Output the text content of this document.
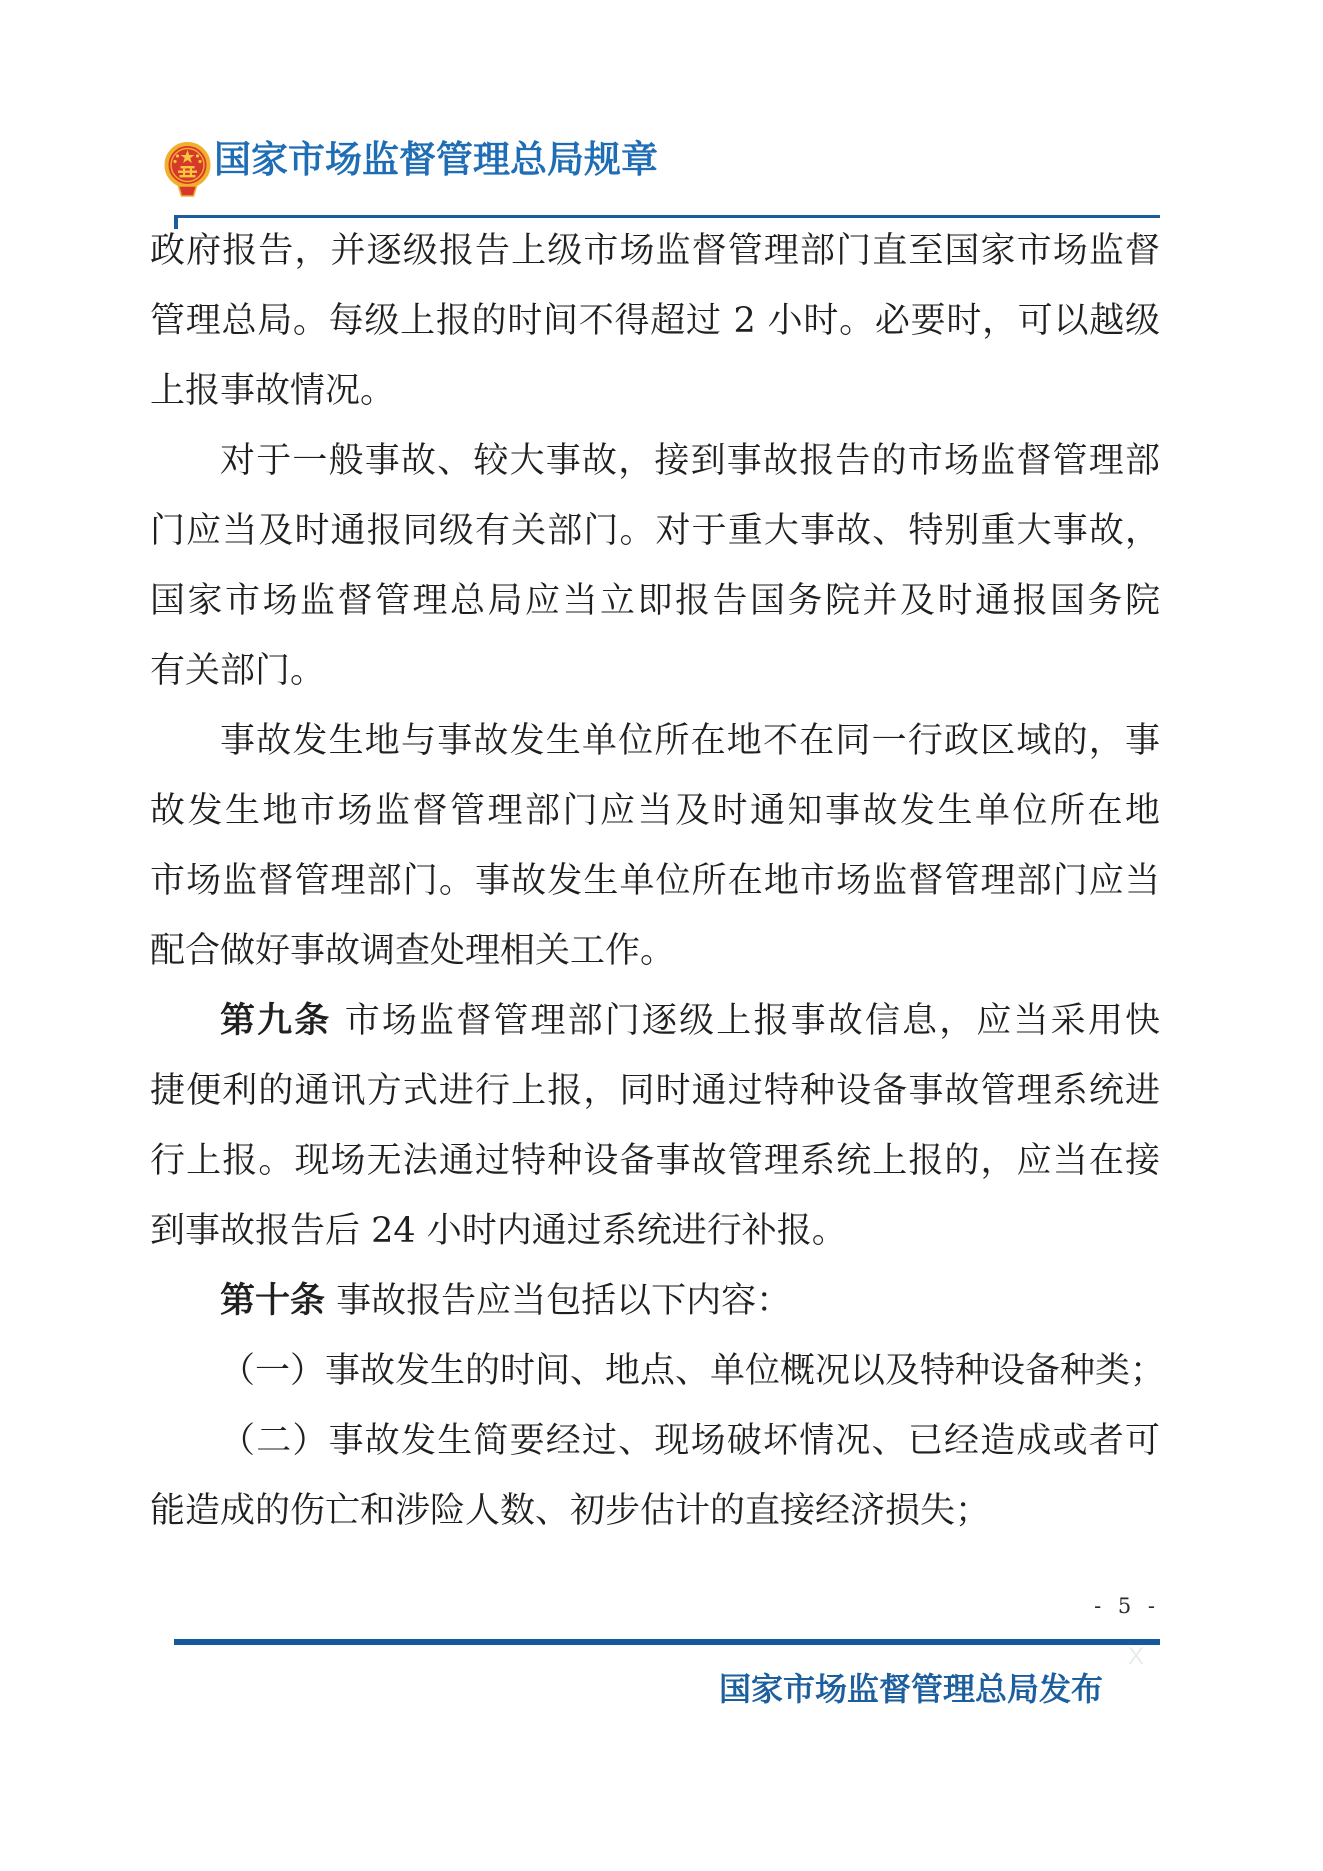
国家市场监督管理总局规章
政府报告，并逐级报告上级市场监督管理部门直至国家市场监督
管理总局。每级上报的时间不得超过 2 小时。必要时，可以越级
上报事故情况。
对于一般事故、较大事故，接到事故报告的市场监督管理部
门应当及时通报同级有关部门。对于重大事故、特别重大事故，
国家市场监督管理总局应当立即报告国务院并及时通报国务院
有关部门。
事故发生地与事故发生单位所在地不在同一行政区域的，事
故发生地市场监督管理部门应当及时通知事故发生单位所在地
市场监督管理部门。事故发生单位所在地市场监督管理部门应当
配合做好事故调查处理相关工作。
第九条 市场监督管理部门逐级上报事故信息，应当采用快
捷便利的通讯方式进行上报，同时通过特种设备事故管理系统进
行上报。现场无法通过特种设备事故管理系统上报的，应当在接
到事故报告后 24 小时内通过系统进行补报。
第十条 事故报告应当包括以下内容：
（一）事故发生的时间、地点、单位概况以及特种设备种类；
（二）事故发生简要经过、现场破坏情况、已经造成或者可
能造成的伤亡和涉险人数、初步估计的直接经济损失；
- 5 -
X
国家市场监督管理总局发布
